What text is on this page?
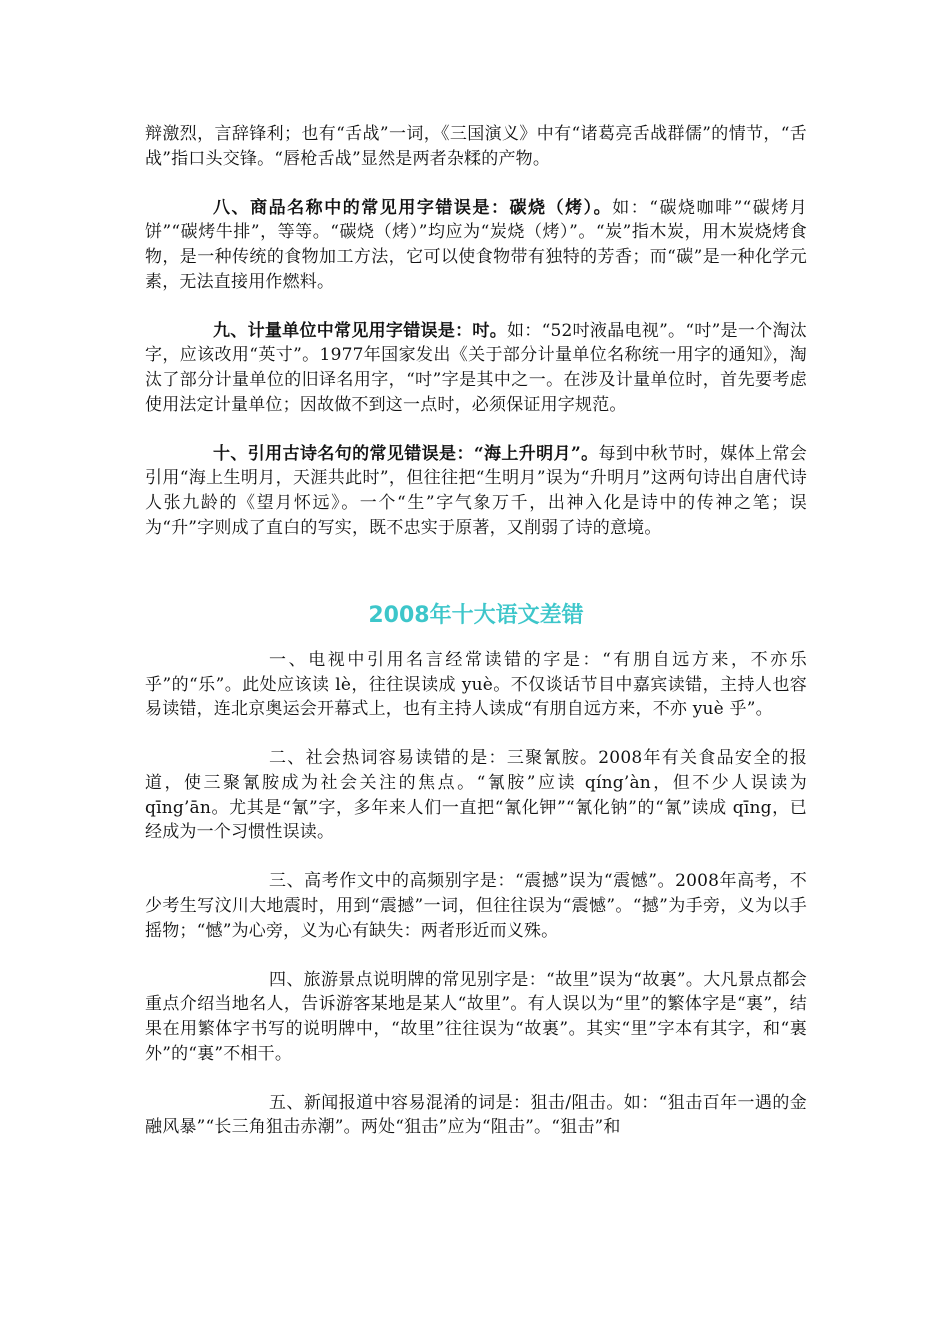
辩激烈，言辞锋利；也有“舌战”一词，《三国演义》中有“诸葛亮舌战群儒”的情节，“舌战”指口头交锋。“唇枪舌战”显然是两者杂糅的产物。

八、商品名称中的常见用字错误是：碳烧（烤）。如：“碳烧咖啡”“碳烤月饼”“碳烤牛排”，等等。“碳烧（烤）”均应为“炭烧（烤）”。“炭”指木炭，用木炭烧烤食物，是一种传统的食物加工方法，它可以使食物带有独特的芳香；而“碳”是一种化学元素，无法直接用作燃料。

九、计量单位中常见用字错误是：吋。如：“52吋液晶电视”。“吋”是一个淘汰字，应该改用“英寸”。1977年国家发出《关于部分计量单位名称统一用字的通知》，淘汰了部分计量单位的旧译名用字，“吋”字是其中之一。在涉及计量单位时，首先要考虑使用法定计量单位；因故做不到这一点时，必须保证用字规范。

十、引用古诗名句的常见错误是：“海上升明月”。每到中秋节时，媒体上常会引用“海上生明月，天涯共此时”，但往往把“生明月”误为“升明月”这两句诗出自唐代诗人张九龄的《望月怀远》。一个“生”字气象万千，出神入化是诗中的传神之笔；误为“升”字则成了直白的写实，既不忠实于原著，又削弱了诗的意境。

2008年十大语文差错

一、电视中引用名言经常读错的字是：“有朋自远方来，不亦乐乎”的“乐”。此处应该读 lè，往往误读成 yuè。不仅谈话节目中嘉宾读错，主持人也容易读错，连北京奥运会开幕式上，也有主持人读成“有朋自远方来，不亦 yuè 乎”。

二、社会热词容易读错的是：三聚氰胺。2008年有关食品安全的报道，使三聚氰胺成为社会关注的焦点。“氰胺”应读 qíng’àn，但不少人误读为 qīng’ān。尤其是“氰”字，多年来人们一直把“氰化钾”“氰化钠”的“氰”读成 qīng，已经成为一个习惯性误读。

三、高考作文中的高频别字是：“震撼”误为“震憾”。2008年高考，不少考生写汶川大地震时，用到“震撼”一词，但往往误为“震憾”。“撼”为手旁，义为以手摇物；“憾”为心旁，义为心有缺失：两者形近而义殊。

四、旅游景点说明牌的常见别字是：“故里”误为“故裏”。大凡景点都会重点介绍当地名人，告诉游客某地是某人“故里”。有人误以为“里”的繁体字是“裏”，结果在用繁体字书写的说明牌中，“故里”往往误为“故裏”。其实“里”字本有其字，和“裏外”的“裏”不相干。

五、新闻报道中容易混淆的词是：狙击/阻击。如：“狙击百年一遇的金融风暴”“长三角狙击赤潮”。两处“狙击”应为“阻击”。“狙击”和
